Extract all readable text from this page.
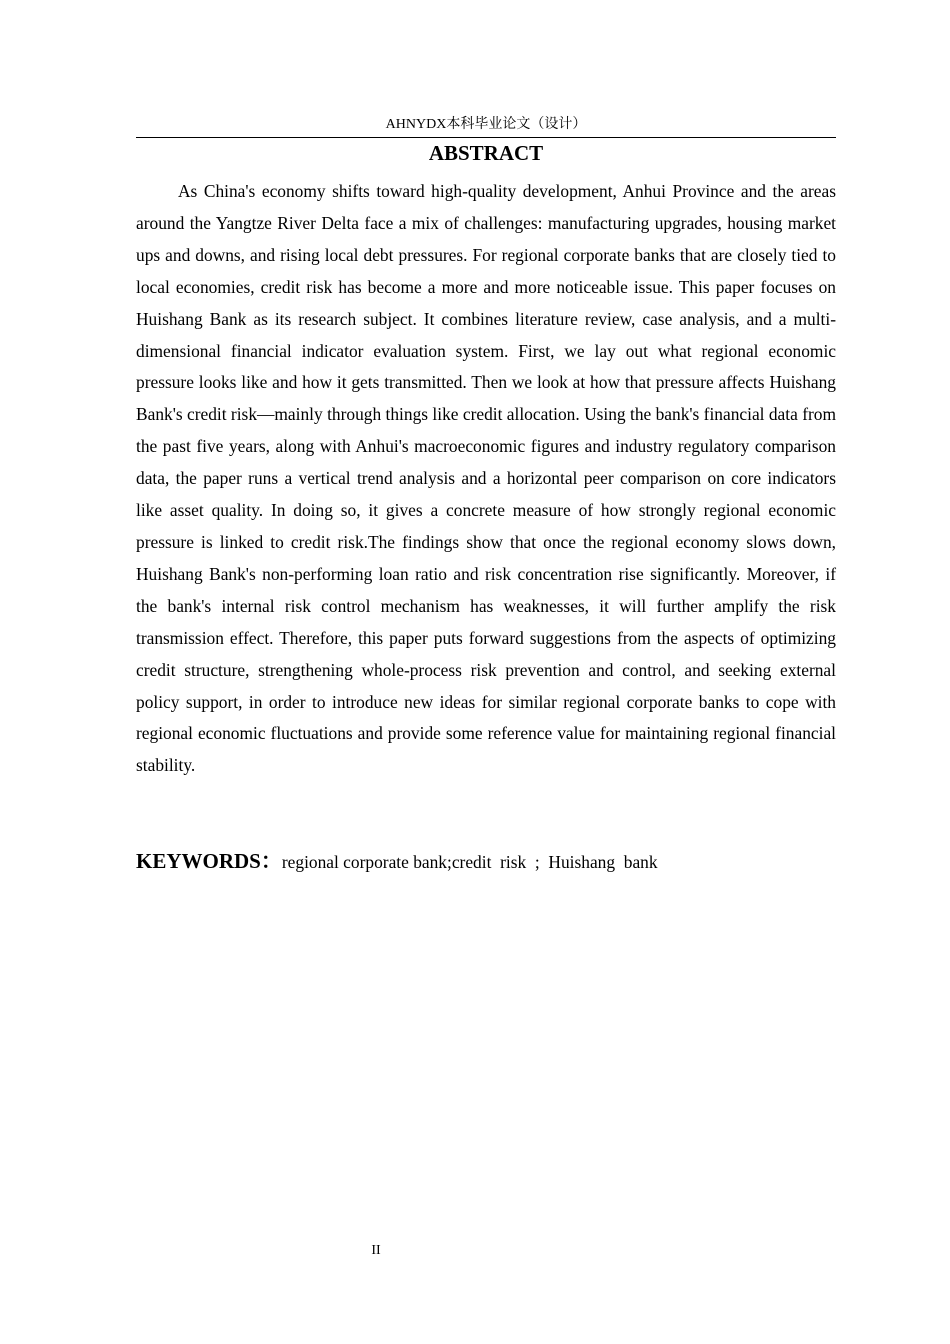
AHNYDX本科毕业论文（设计）
ABSTRACT

As China's economy shifts toward high-quality development, Anhui Province and the areas around the Yangtze River Delta face a mix of challenges: manufacturing upgrades, housing market ups and downs, and rising local debt pressures. For regional corporate banks that are closely tied to local economies, credit risk has become a more and more noticeable issue. This paper focuses on Huishang Bank as its research subject. It combines literature review, case analysis, and a multi-dimensional financial indicator evaluation system. First, we lay out what regional economic pressure looks like and how it gets transmitted. Then we look at how that pressure affects Huishang Bank's credit risk—mainly through things like credit allocation. Using the bank's financial data from the past five years, along with Anhui's macroeconomic figures and industry regulatory comparison data, the paper runs a vertical trend analysis and a horizontal peer comparison on core indicators like asset quality. In doing so, it gives a concrete measure of how strongly regional economic pressure is linked to credit risk.The findings show that once the regional economy slows down, Huishang Bank's non-performing loan ratio and risk concentration rise significantly. Moreover, if the bank's internal risk control mechanism has weaknesses, it will further amplify the risk transmission effect. Therefore, this paper puts forward suggestions from the aspects of optimizing credit structure, strengthening whole-process risk prevention and control, and seeking external policy support, in order to introduce new ideas for similar regional corporate banks to cope with regional economic fluctuations and provide some reference value for maintaining regional financial stability.

KEYWORDS：regional corporate bank;credit  risk  ;  Huishang  bank
II
